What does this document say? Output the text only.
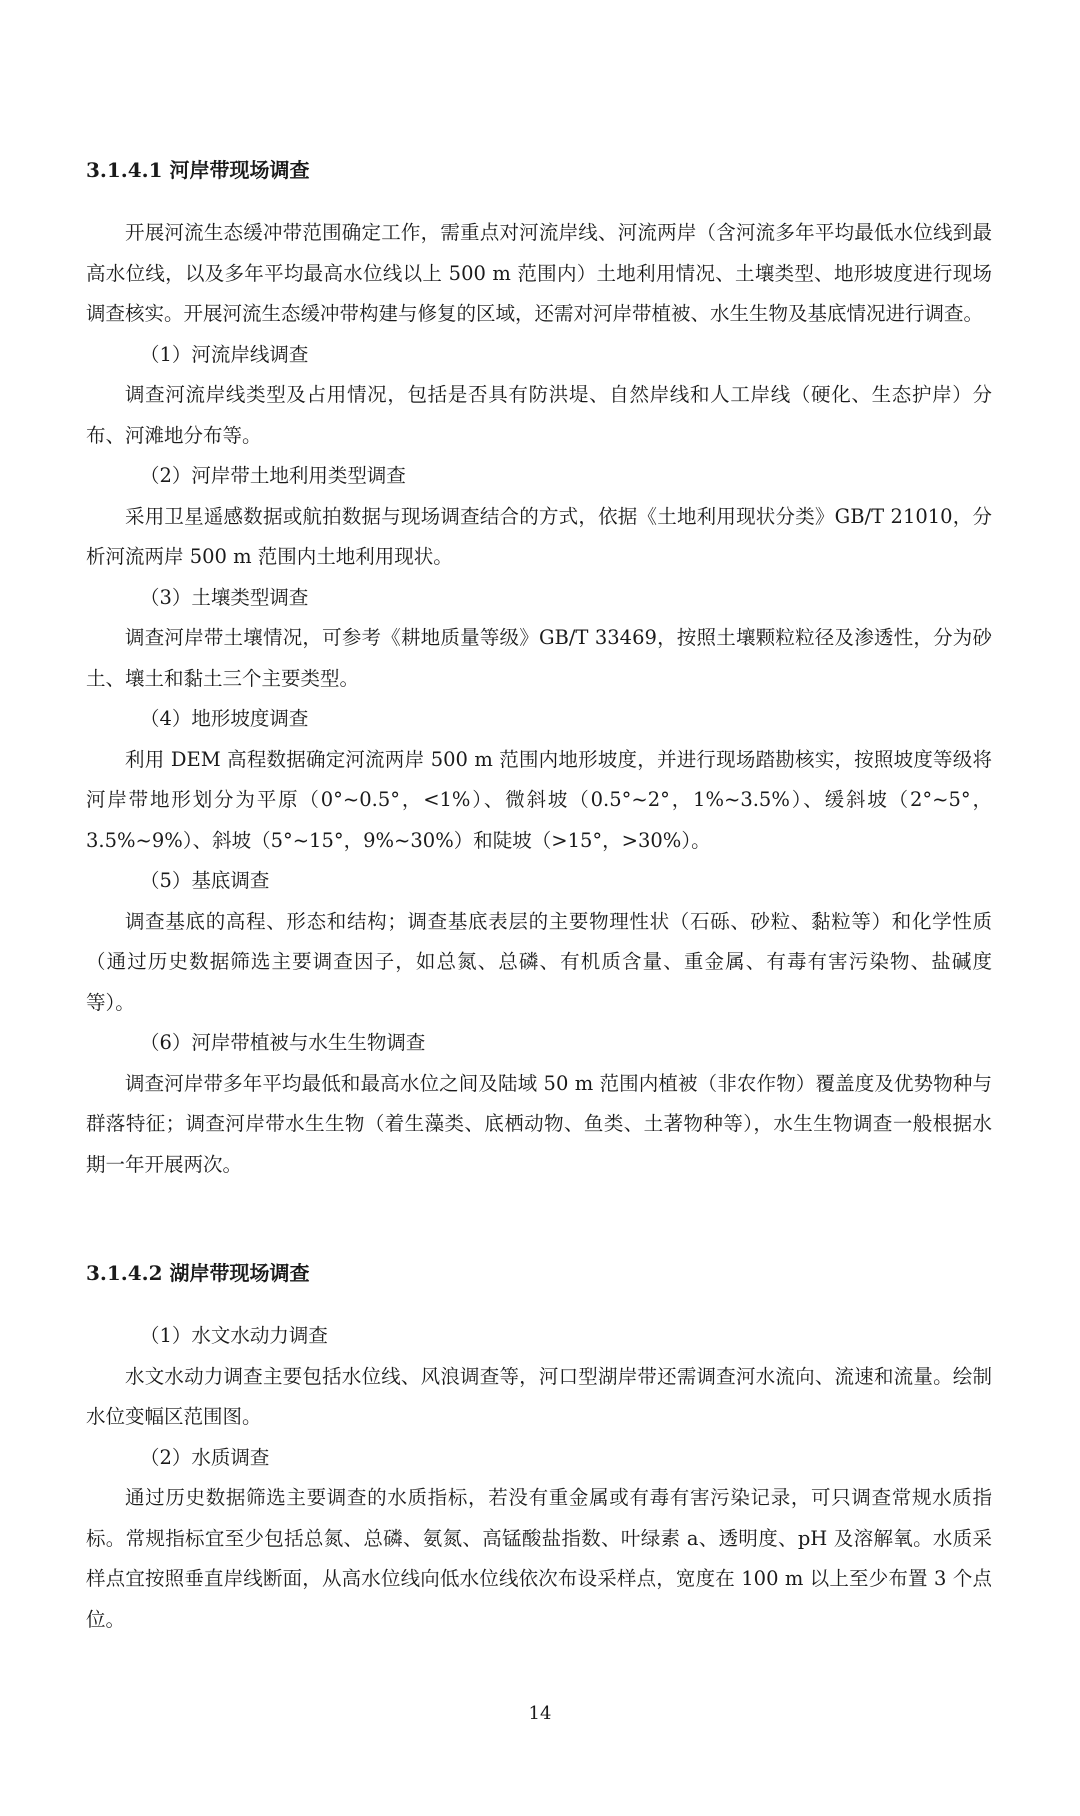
3.1.4.1 河岸带现场调查

开展河流生态缓冲带范围确定工作，需重点对河流岸线、河流两岸（含河流多年平均最低水位线到最高水位线，以及多年平均最高水位线以上 500 m 范围内）土地利用情况、土壤类型、地形坡度进行现场调查核实。开展河流生态缓冲带构建与修复的区域，还需对河岸带植被、水生生物及基底情况进行调查。

（1）河流岸线调查

调查河流岸线类型及占用情况，包括是否具有防洪堤、自然岸线和人工岸线（硬化、生态护岸）分布、河滩地分布等。

（2）河岸带土地利用类型调查

采用卫星遥感数据或航拍数据与现场调查结合的方式，依据《土地利用现状分类》GB/T 21010，分析河流两岸 500 m 范围内土地利用现状。

（3）土壤类型调查

调查河岸带土壤情况，可参考《耕地质量等级》GB/T 33469，按照土壤颗粒粒径及渗透性，分为砂土、壤土和黏土三个主要类型。

（4）地形坡度调查

利用 DEM 高程数据确定河流两岸 500 m 范围内地形坡度，并进行现场踏勘核实，按照坡度等级将河岸带地形划分为平原（0°~0.5°，<1%）、微斜坡（0.5°~2°，1%~3.5%）、缓斜坡（2°~5°，3.5%~9%）、斜坡（5°~15°，9%~30%）和陡坡（>15°，>30%）。

（5）基底调查

调查基底的高程、形态和结构；调查基底表层的主要物理性状（石砾、砂粒、黏粒等）和化学性质（通过历史数据筛选主要调查因子，如总氮、总磷、有机质含量、重金属、有毒有害污染物、盐碱度等）。

（6）河岸带植被与水生生物调查

调查河岸带多年平均最低和最高水位之间及陆域 50 m 范围内植被（非农作物）覆盖度及优势物种与群落特征；调查河岸带水生生物（着生藻类、底栖动物、鱼类、土著物种等），水生生物调查一般根据水期一年开展两次。

3.1.4.2 湖岸带现场调查

（1）水文水动力调查

水文水动力调查主要包括水位线、风浪调查等，河口型湖岸带还需调查河水流向、流速和流量。绘制水位变幅区范围图。

（2）水质调查

通过历史数据筛选主要调查的水质指标，若没有重金属或有毒有害污染记录，可只调查常规水质指标。常规指标宜至少包括总氮、总磷、氨氮、高锰酸盐指数、叶绿素 a、透明度、pH 及溶解氧。水质采样点宜按照垂直岸线断面，从高水位线向低水位线依次布设采样点，宽度在 100 m 以上至少布置 3 个点位。

14
